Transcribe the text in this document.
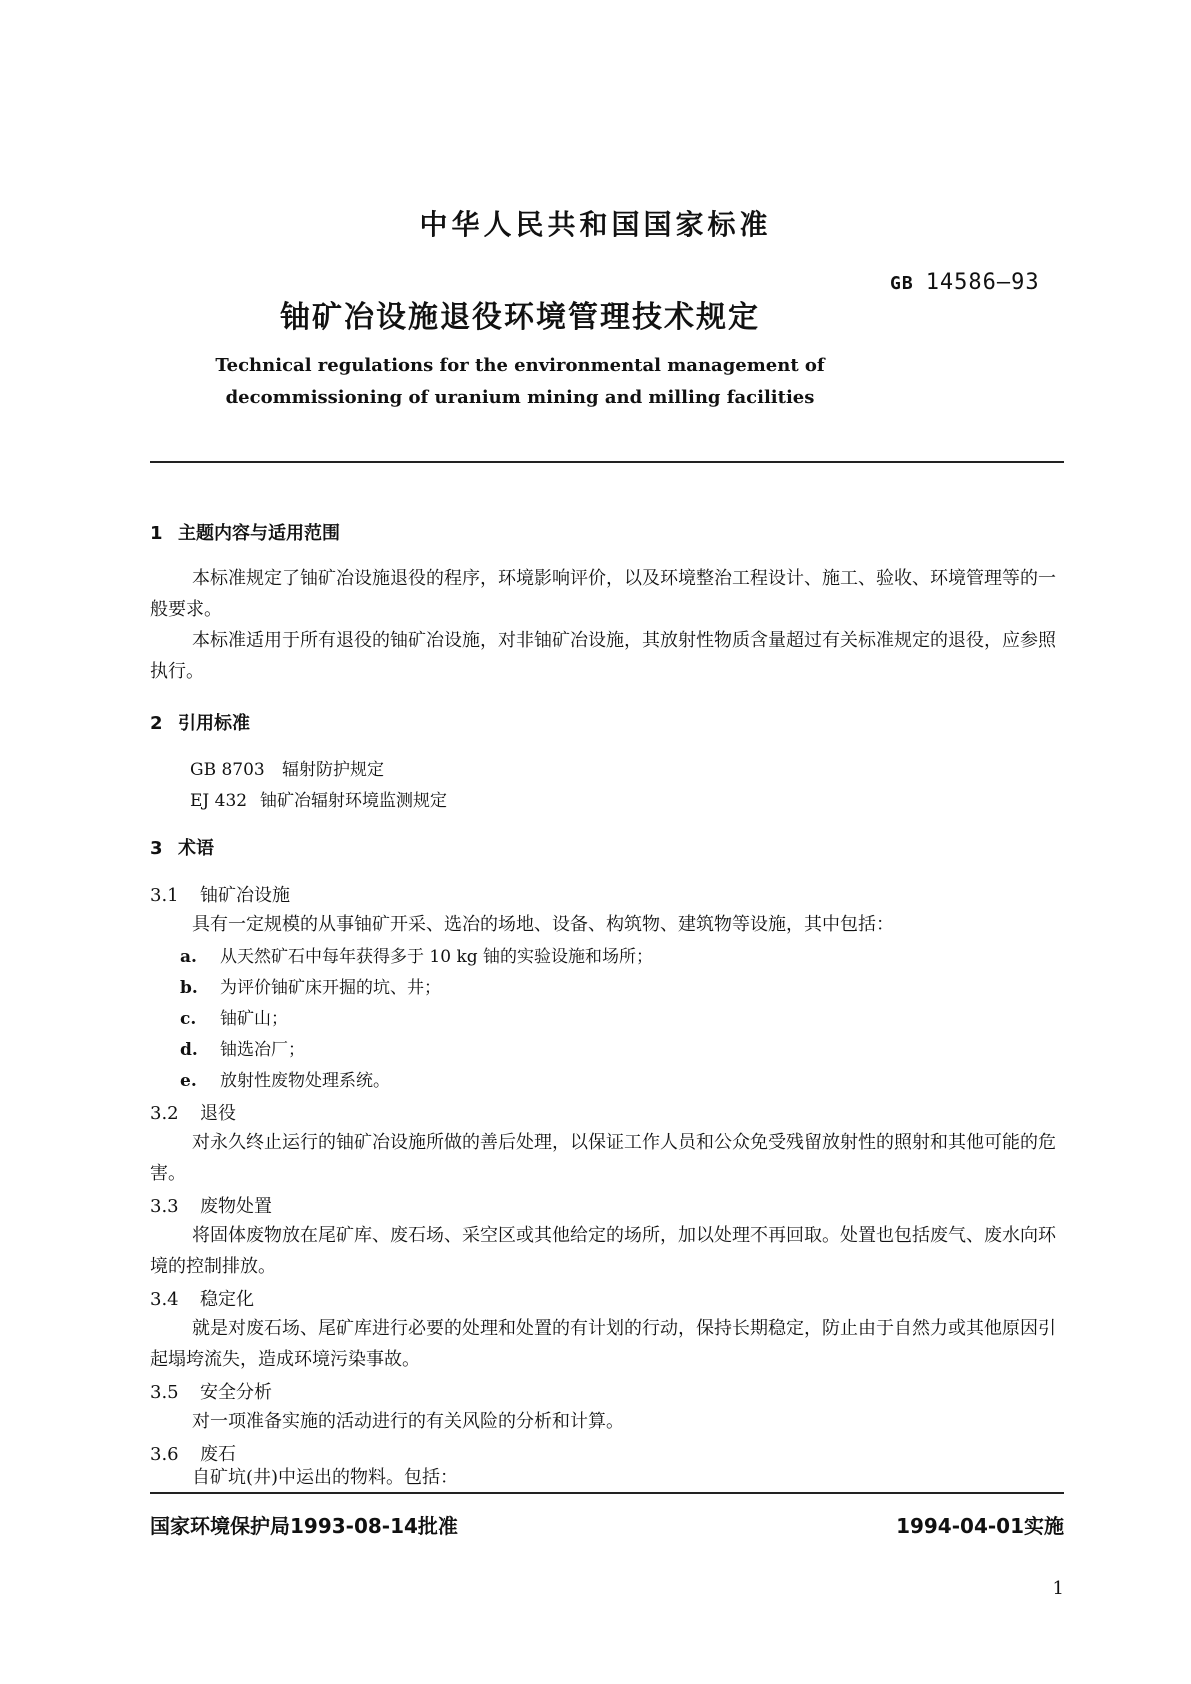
中华人民共和国国家标准
GB 14586—93
铀矿冶设施退役环境管理技术规定
Technical regulations for the environmental management of
decommissioning of uranium mining and milling facilities
1 主题内容与适用范围
本标准规定了铀矿冶设施退役的程序，环境影响评价，以及环境整治工程设计、施工、验收、环境管理等的一般要求。
本标准适用于所有退役的铀矿冶设施，对非铀矿冶设施，其放射性物质含量超过有关标准规定的退役，应参照执行。
2 引用标准
GB 8703 辐射防护规定
EJ 432 铀矿冶辐射环境监测规定
3 术语
3.1 铀矿冶设施
具有一定规模的从事铀矿开采、选冶的场地、设备、构筑物、建筑物等设施，其中包括：
a. 从天然矿石中每年获得多于 10 kg 铀的实验设施和场所；
b. 为评价铀矿床开掘的坑、井；
c. 铀矿山；
d. 铀选冶厂；
e. 放射性废物处理系统。
3.2 退役
对永久终止运行的铀矿冶设施所做的善后处理，以保证工作人员和公众免受残留放射性的照射和其他可能的危害。
3.3 废物处置
将固体废物放在尾矿库、废石场、采空区或其他给定的场所，加以处理不再回取。处置也包括废气、废水向环境的控制排放。
3.4 稳定化
就是对废石场、尾矿库进行必要的处理和处置的有计划的行动，保持长期稳定，防止由于自然力或其他原因引起塌垮流失，造成环境污染事故。
3.5 安全分析
对一项准备实施的活动进行的有关风险的分析和计算。
3.6 废石
自矿坑(井)中运出的物料。包括：
国家环境保护局1993-08-14批准	1994-04-01实施
1
